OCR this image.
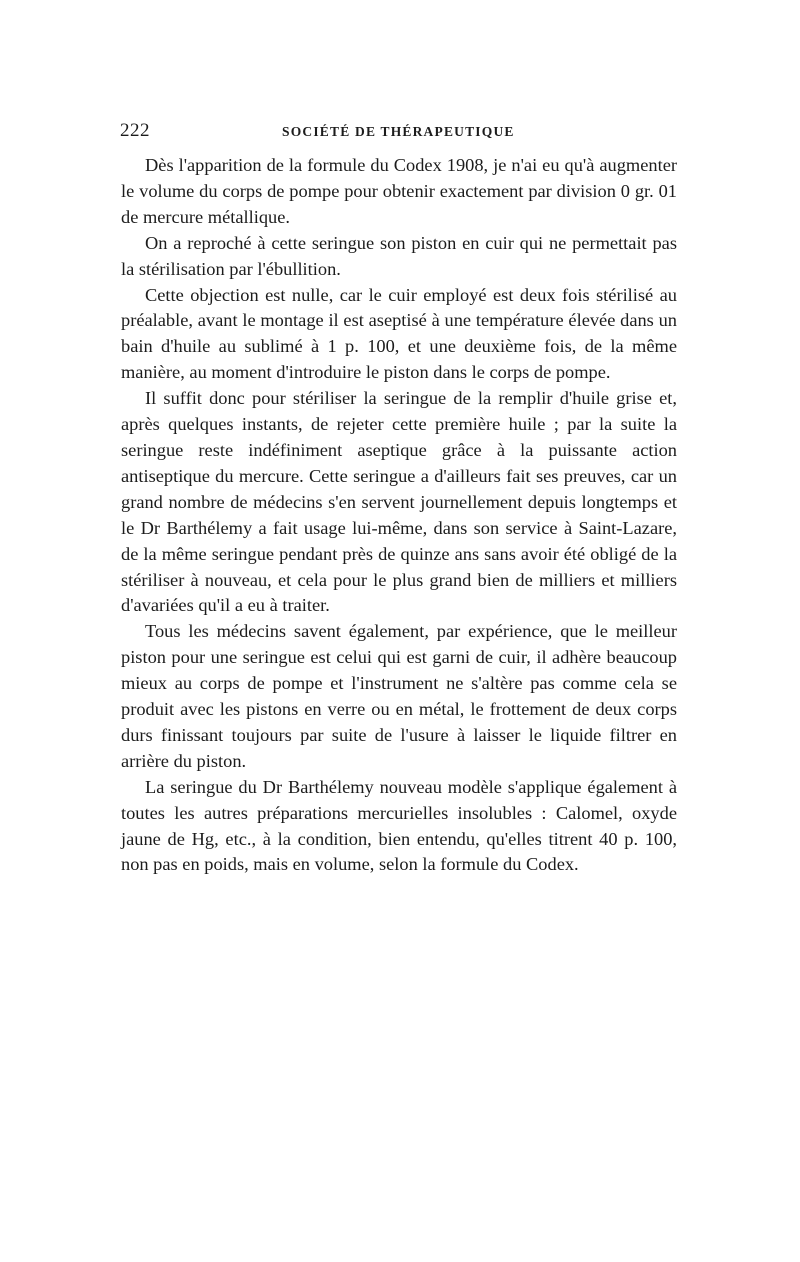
222	SOCIÉTÉ DE THÉRAPEUTIQUE

Dès l'apparition de la formule du Codex 1908, je n'ai eu qu'à augmenter le volume du corps de pompe pour obtenir exactement par division 0 gr. 01 de mercure métallique.

On a reproché à cette seringue son piston en cuir qui ne permettait pas la stérilisation par l'ébullition.

Cette objection est nulle, car le cuir employé est deux fois stérilisé au préalable, avant le montage il est aseptisé à une température élevée dans un bain d'huile au sublimé à 1 p. 100, et une deuxième fois, de la même manière, au moment d'introduire le piston dans le corps de pompe.

Il suffit donc pour stériliser la seringue de la remplir d'huile grise et, après quelques instants, de rejeter cette première huile ; par la suite la seringue reste indéfiniment aseptique grâce à la puissante action antiseptique du mercure. Cette seringue a d'ailleurs fait ses preuves, car un grand nombre de médecins s'en servent journellement depuis longtemps et le Dr Barthélemy a fait usage lui-même, dans son service à Saint-Lazare, de la même seringue pendant près de quinze ans sans avoir été obligé de la stériliser à nouveau, et cela pour le plus grand bien de milliers et milliers d'avariées qu'il a eu à traiter.

Tous les médecins savent également, par expérience, que le meilleur piston pour une seringue est celui qui est garni de cuir, il adhère beaucoup mieux au corps de pompe et l'instrument ne s'altère pas comme cela se produit avec les pistons en verre ou en métal, le frottement de deux corps durs finissant toujours par suite de l'usure à laisser le liquide filtrer en arrière du piston.

La seringue du Dr Barthélemy nouveau modèle s'applique également à toutes les autres préparations mercurielles insolubles : Calomel, oxyde jaune de Hg, etc., à la condition, bien entendu, qu'elles titrent 40 p. 100, non pas en poids, mais en volume, selon la formule du Codex.
